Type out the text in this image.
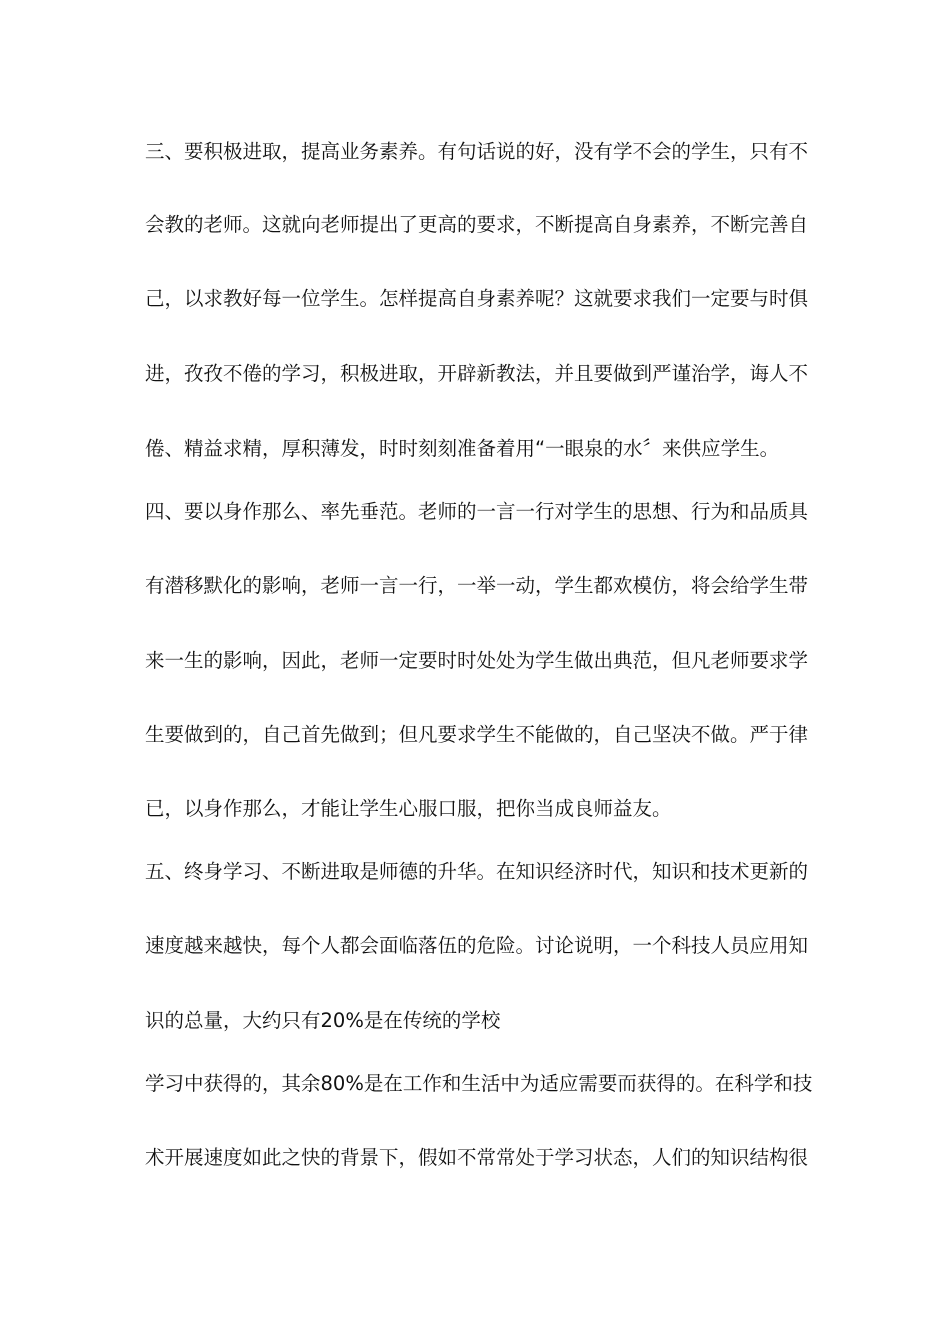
三、要积极进取，提高业务素养。有句话说的好，没有学不会的学生，只有不

会教的老师。这就向老师提出了更高的要求，不断提高自身素养，不断完善自

己，以求教好每一位学生。怎样提高自身素养呢？这就要求我们一定要与时俱

进，孜孜不倦的学习，积极进取，开辟新教法，并且要做到严谨治学，诲人不

倦、精益求精，厚积薄发，时时刻刻准备着用“一眼泉的水〞来供应学生。

四、要以身作那么、率先垂范。老师的一言一行对学生的思想、行为和品质具

有潜移默化的影响，老师一言一行，一举一动，学生都欢模仿，将会给学生带

来一生的影响，因此，老师一定要时时处处为学生做出典范，但凡老师要求学

生要做到的，自己首先做到；但凡要求学生不能做的，自己坚决不做。严于律

已，以身作那么，才能让学生心服口服，把你当成良师益友。

五、终身学习、不断进取是师德的升华。在知识经济时代，知识和技术更新的

速度越来越快，每个人都会面临落伍的危险。讨论说明，一个科技人员应用知

识的总量，大约只有20%是在传统的学校

学习中获得的，其余80%是在工作和生活中为适应需要而获得的。在科学和技

术开展速度如此之快的背景下，假如不常常处于学习状态，人们的知识结构很
